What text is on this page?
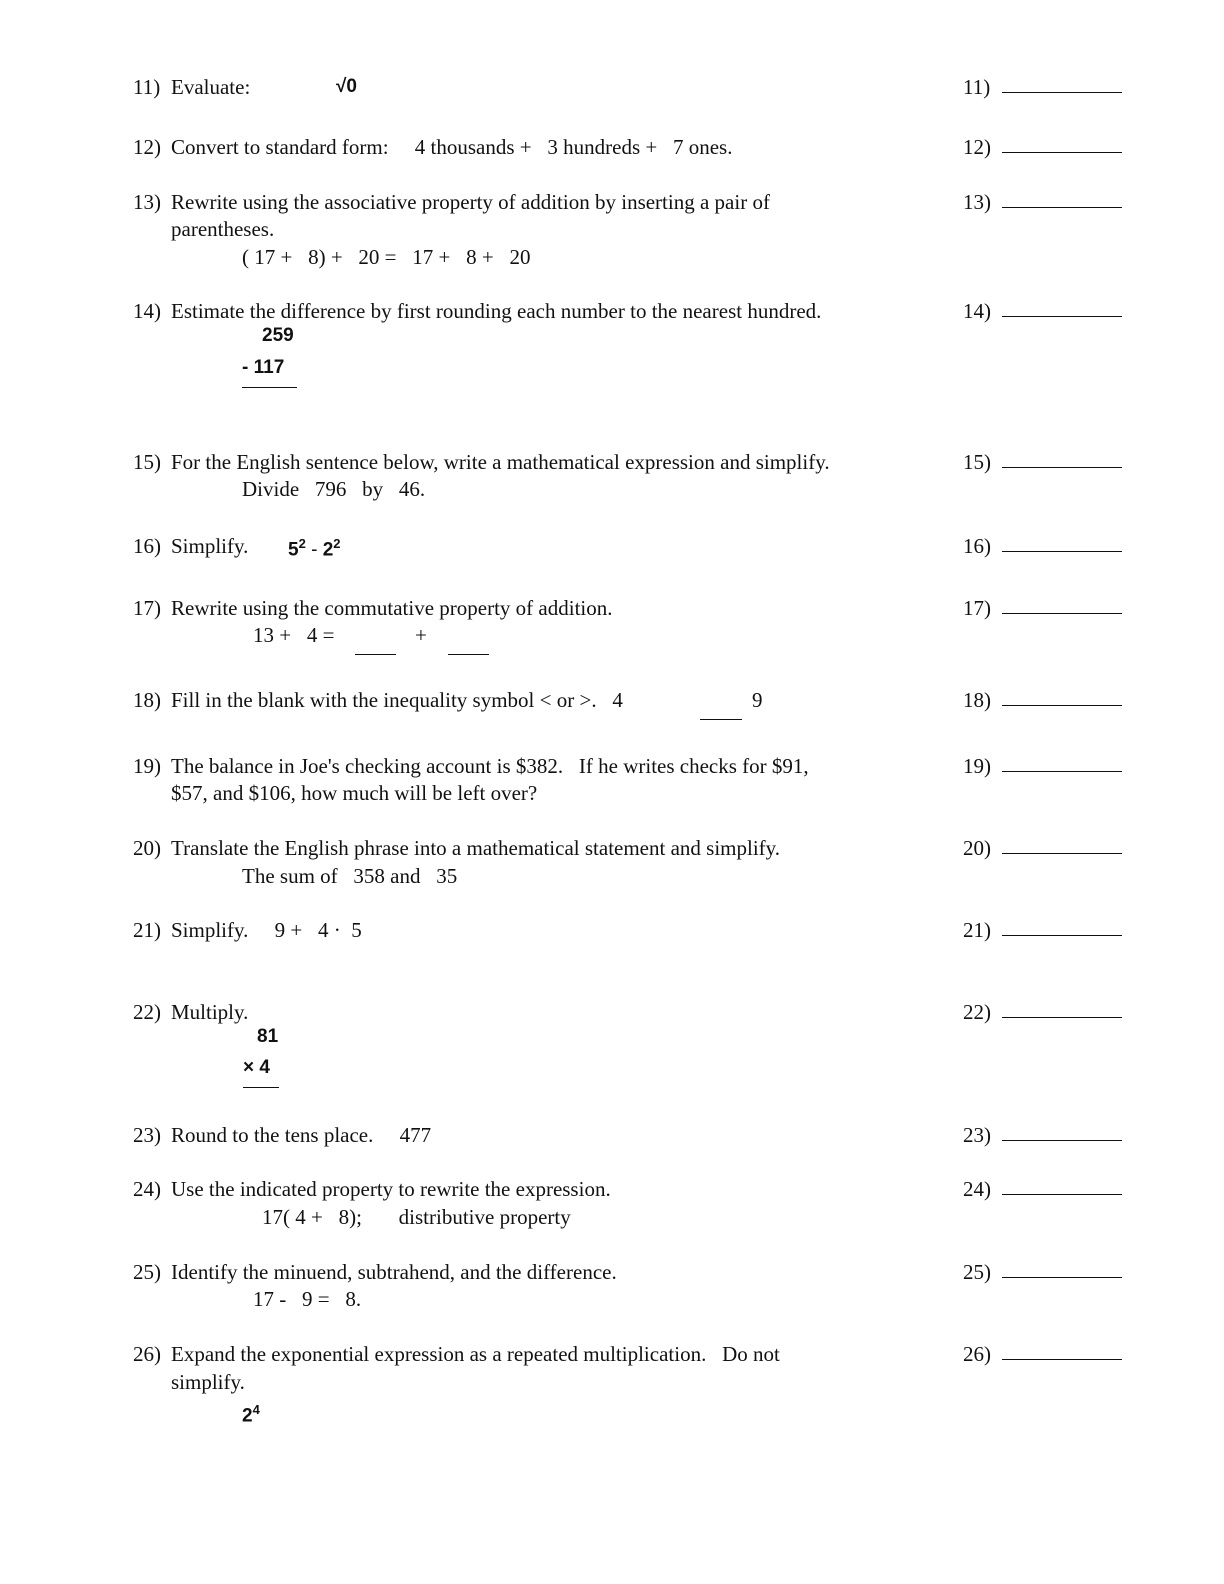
11) Evaluate:	√0	11)
12) Convert to standard form:     4 thousands +   3 hundreds +   7 ones.	12)
13) Rewrite using the associative property of addition by inserting a pair of
parentheses.
( 17 +   8) +   20 =   17 +   8 +   20
13)
14) Estimate the difference by first rounding each number to the nearest hundred.
259
- 117
14)
15) For the English sentence below, write a mathematical expression and simplify.
Divide   796   by   46.
15)
16) Simplify. $5^2 - 2^2$	16)
17) Rewrite using the commutative property of addition.
13 +   4 =	+
17)
18) Fill in the blank with the inequality symbol < or >.   4	9	18)
19) The balance in Joe's checking account is $382.   If he writes checks for $91,
$57, and $106, how much will be left over?
19)
20) Translate the English phrase into a mathematical statement and simplify.
The sum of   358 and   35
20)
21) Simplify.     9 +   4 ·  5	21)
22) Multiply.
81
× 4
22)
23) Round to the tens place.     477	23)
24) Use the indicated property to rewrite the expression.
17( 4 +   8);       distributive property
24)
25) Identify the minuend, subtrahend, and the difference.
17 -   9 =   8.
25)
26) Expand the exponential expression as a repeated multiplication.   Do not
simplify.
$2^4$
26)
